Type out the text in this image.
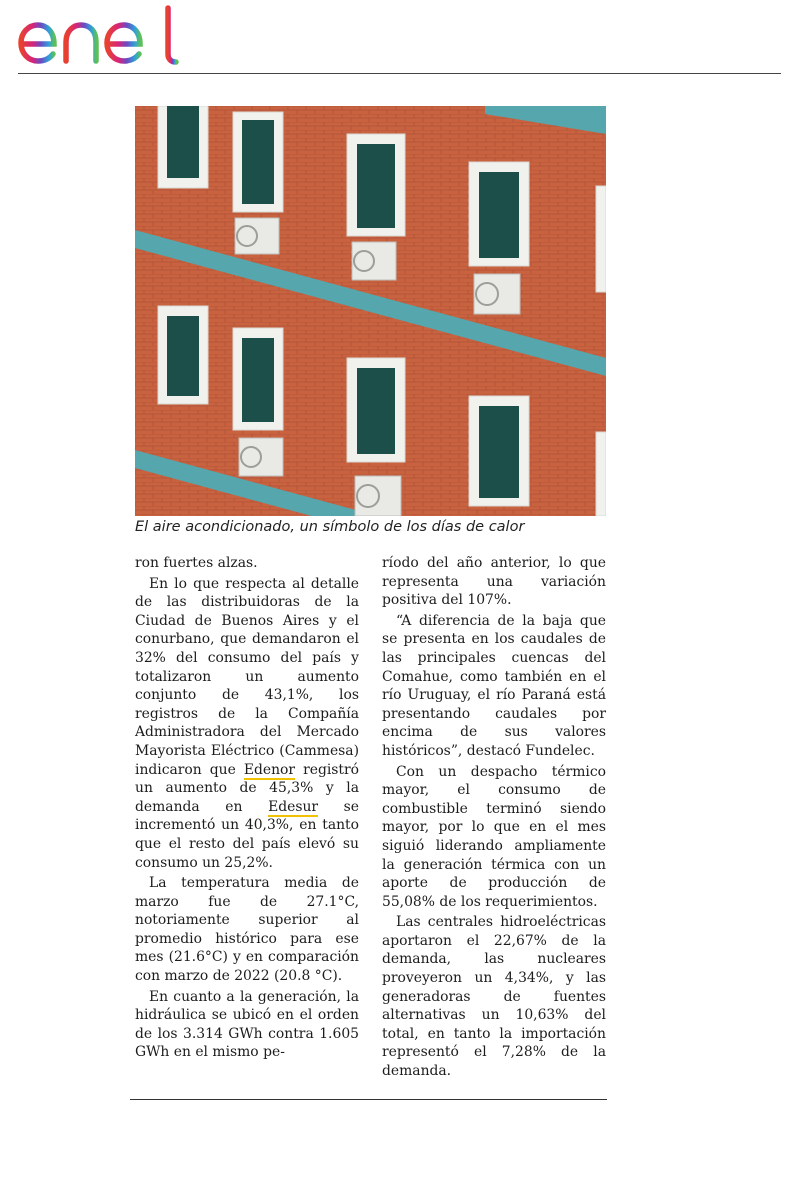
El aire acondicionado, un símbolo de los días de calor

ron fuertes alzas.

En lo que respecta al detalle de las distribuidoras de la Ciudad de Buenos Aires y el conurbano, que demandaron el 32% del consumo del país y totalizaron un aumento conjunto de 43,1%, los registros de la Compañía Administradora del Mercado Mayorista Eléctrico (Cammesa) indicaron que Edenor registró un aumento de 45,3% y la demanda en Edesur se incrementó un 40,3%, en tanto que el resto del país elevó su consumo un 25,2%.

La temperatura media de marzo fue de 27.1°C, notoriamente superior al promedio histórico para ese mes (21.6°C) y en comparación con marzo de 2022 (20.8 °C).

En cuanto a la generación, la hidráulica se ubicó en el orden de los 3.314 GWh contra 1.605 GWh en el mismo pe-

ríodo del año anterior, lo que representa una variación positiva del 107%.

“A diferencia de la baja que se presenta en los caudales de las principales cuencas del Comahue, como también en el río Uruguay, el río Paraná está presentando caudales por encima de sus valores históricos”, destacó Fundelec.

Con un despacho térmico mayor, el consumo de combustible terminó siendo mayor, por lo que en el mes siguió liderando ampliamente la generación térmica con un aporte de producción de 55,08% de los requerimientos.

Las centrales hidroeléctricas aportaron el 22,67% de la demanda, las nucleares proveyeron un 4,34%, y las generadoras de fuentes alternativas un 10,63% del total, en tanto la importación representó el 7,28% de la demanda.
